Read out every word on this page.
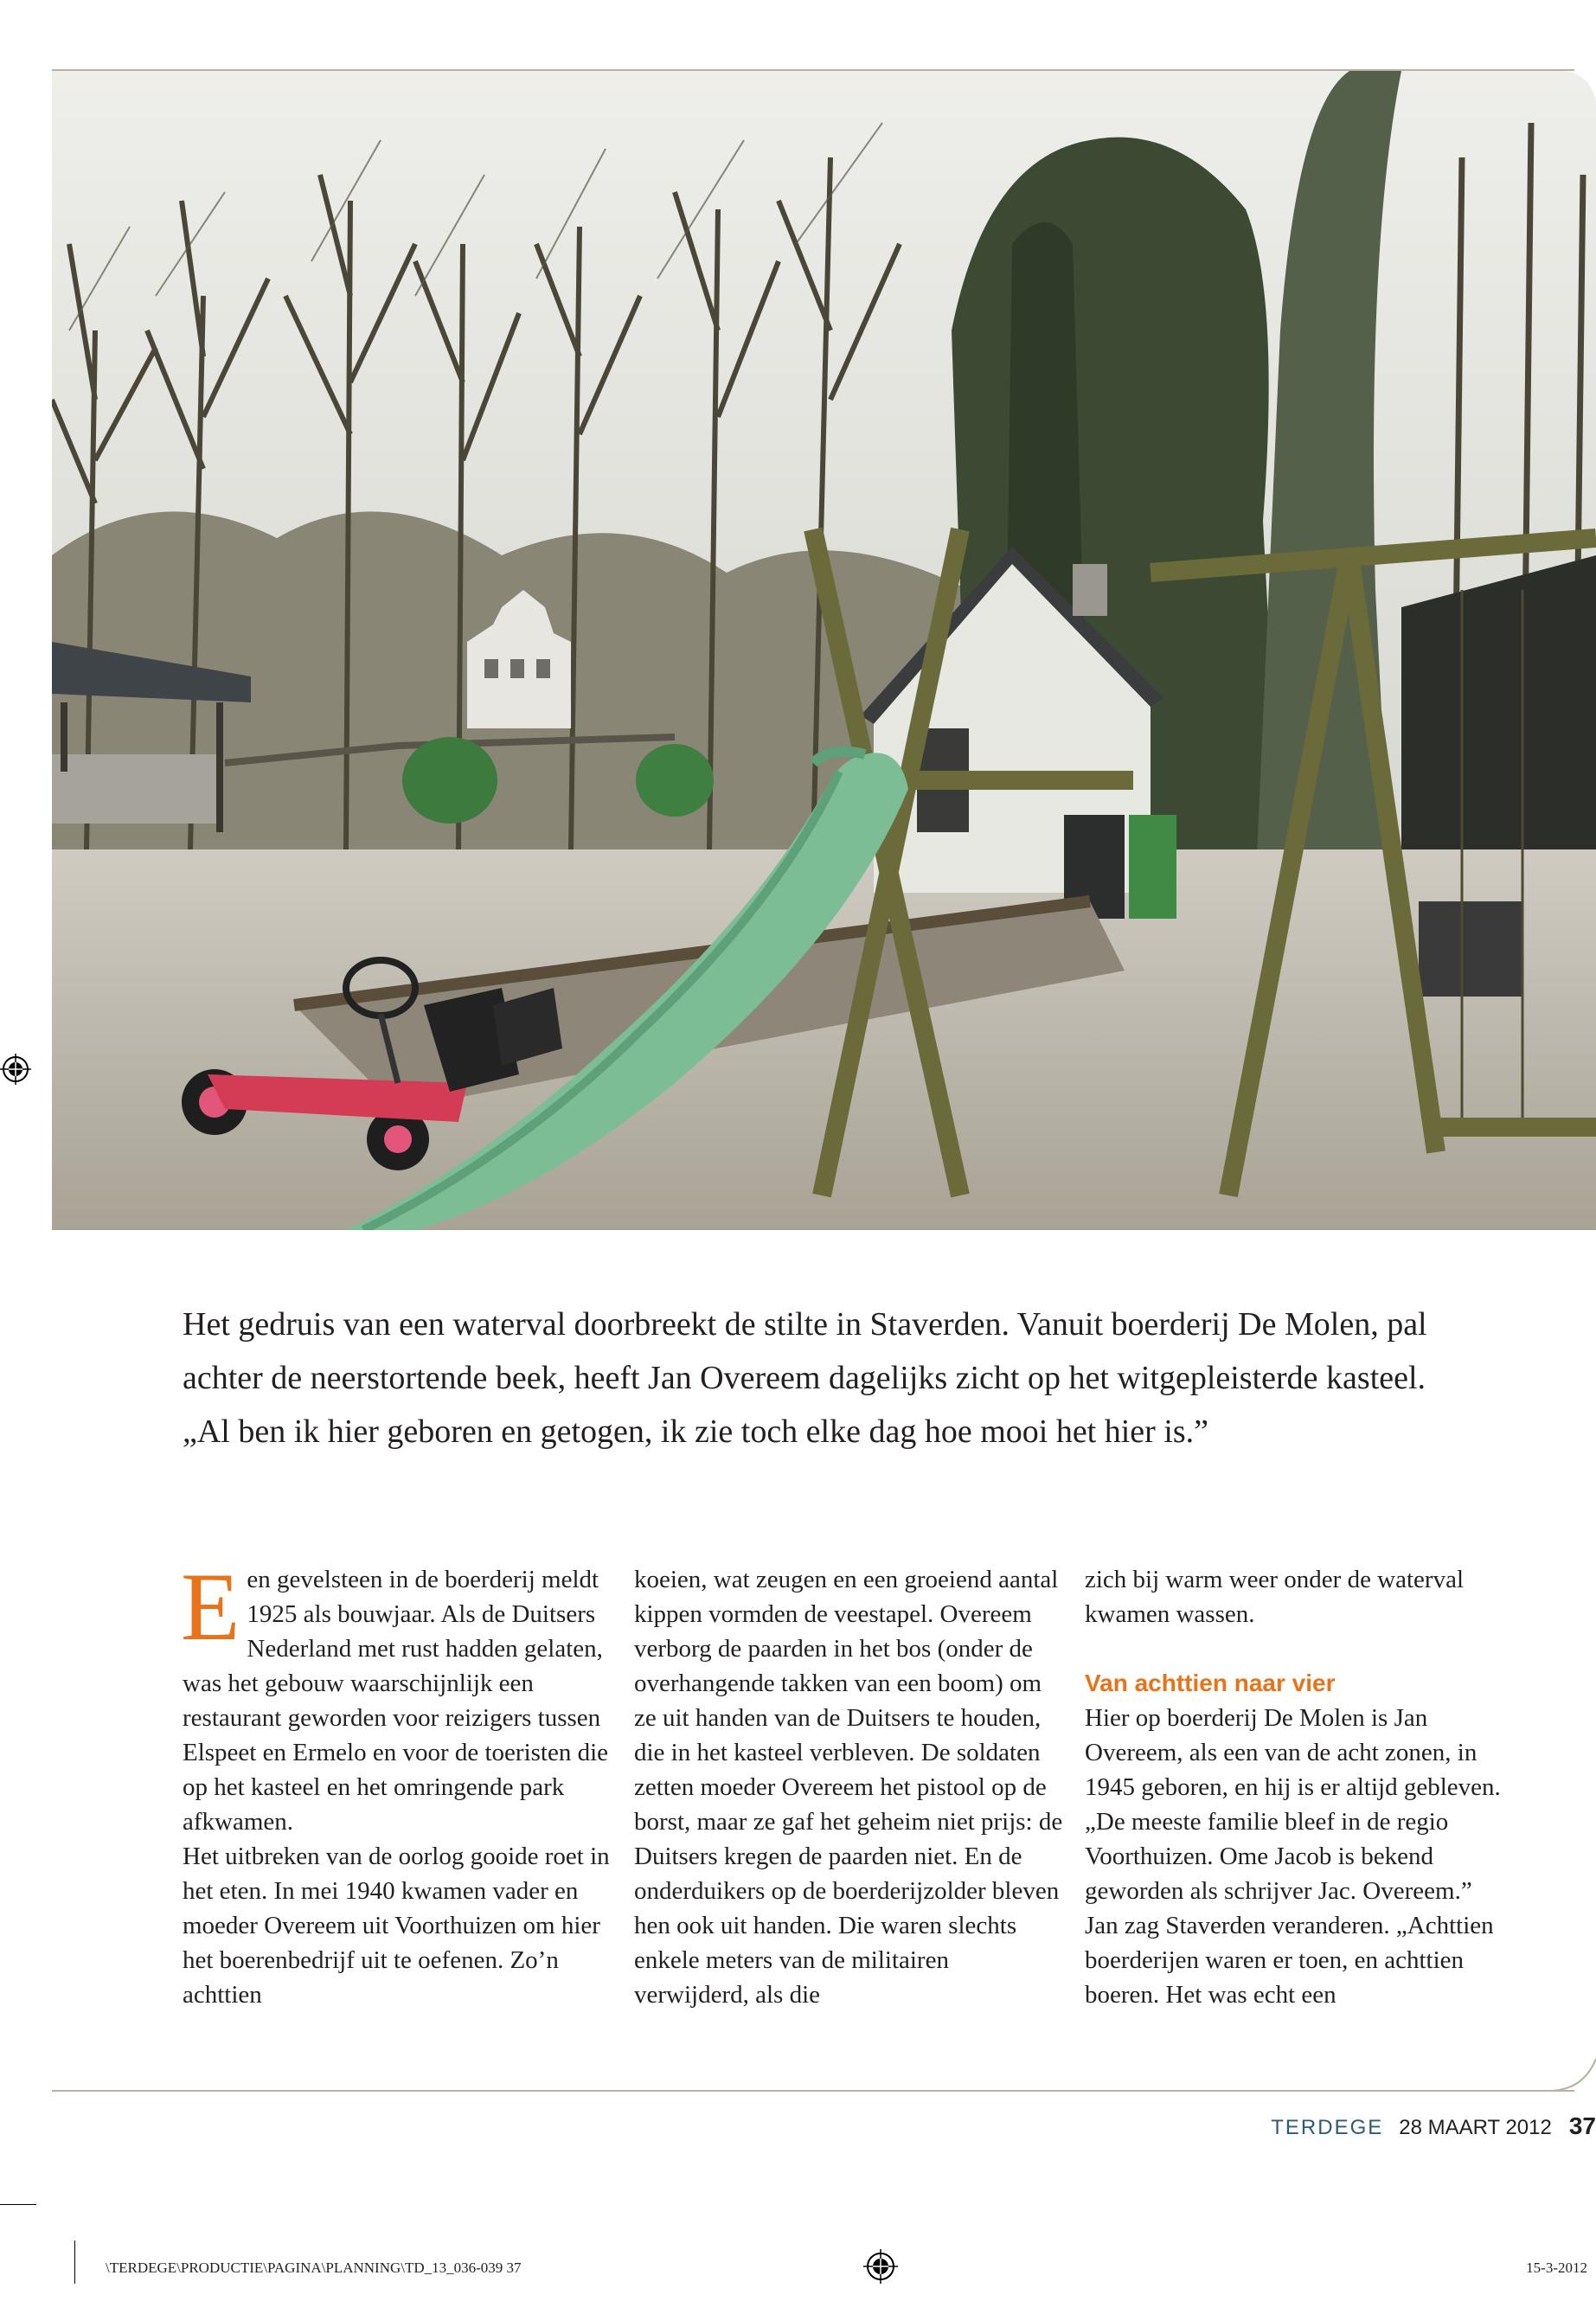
Het gedruis van een waterval doorbreekt de stilte in Staverden. Vanuit boerderij De Molen, pal achter de neerstortende beek, heeft Jan Overeem dagelijks zicht op het witgepleisterde kasteel. „Al ben ik hier geboren en getogen, ik zie toch elke dag hoe mooi het hier is.”

Een gevelsteen in de boerderij meldt 1925 als bouwjaar. Als de Duitsers Nederland met rust hadden gelaten, was het gebouw waarschijnlijk een restaurant geworden voor reizigers tussen Elspeet en Ermelo en voor de toeristen die op het kasteel en het omringende park afkwamen.

Het uitbreken van de oorlog gooide roet in het eten. In mei 1940 kwamen vader en moeder Overeem uit Voorthuizen om hier het boerenbedrijf uit te oefenen. Zo’n achttien

koeien, wat zeugen en een groeiend aantal kippen vormden de veestapel. Overeem verborg de paarden in het bos (onder de overhangende takken van een boom) om ze uit handen van de Duitsers te houden, die in het kasteel verbleven. De soldaten zetten moeder Overeem het pistool op de borst, maar ze gaf het geheim niet prijs: de Duitsers kregen de paarden niet. En de onderduikers op de boerderijzolder bleven hen ook uit handen. Die waren slechts enkele meters van de militairen verwijderd, als die

zich bij warm weer onder de waterval kwamen wassen.

Van achttien naar vier

Hier op boerderij De Molen is Jan Overeem, als een van de acht zonen, in 1945 geboren, en hij is er altijd gebleven. „De meeste familie bleef in de regio Voorthuizen. Ome Jacob is bekend geworden als schrijver Jac. Overeem.”

Jan zag Staverden veranderen. „Achttien boerderijen waren er toen, en achttien boeren. Het was echt een

TERDEGE 28 MAART 2012 37
\TERDEGE\PRODUCTIE\PAGINA\PLANNING\TD_13_036-039 37	15-3-2012
